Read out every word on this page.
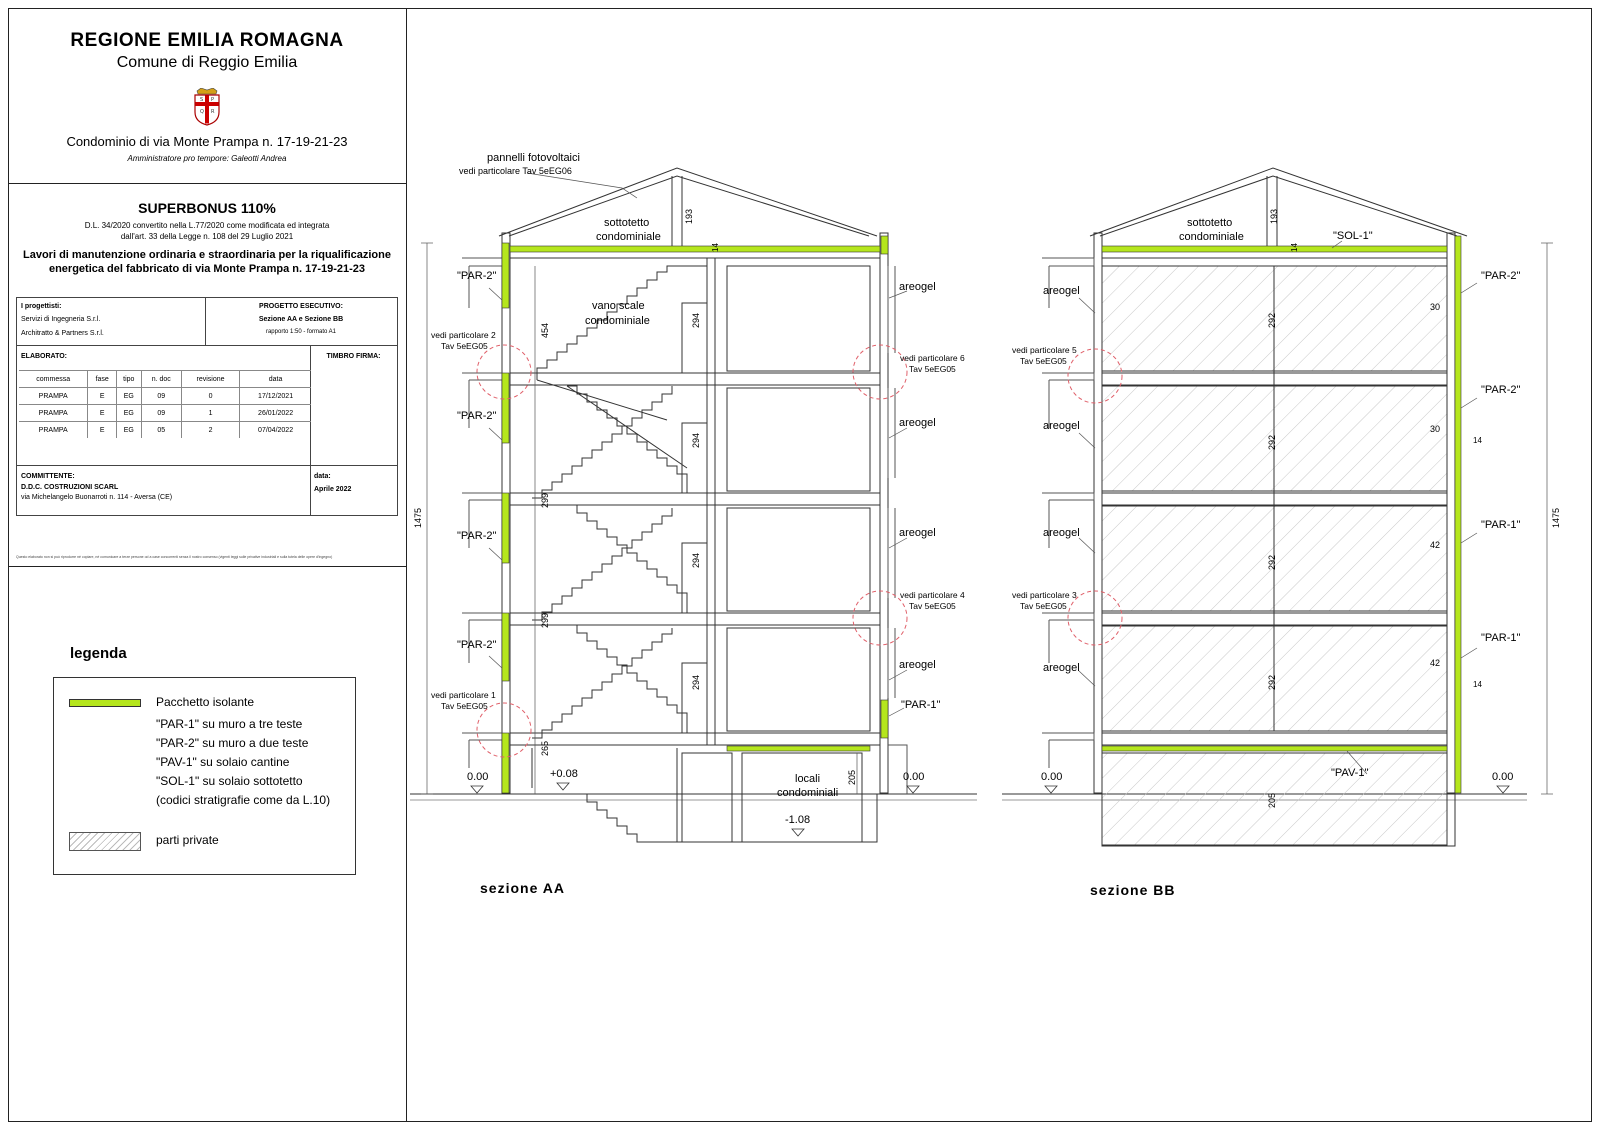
REGIONE EMILIA ROMAGNA
Comune di Reggio Emilia
S P
Q R
Condominio di via Monte Prampa n. 17-19-21-23
Amministratore pro tempore: Galeotti Andrea
SUPERBONUS 110%
D.L. 34/2020 convertito nella L.77/2020 come modificata ed integrata
dall'art. 33 della Legge n. 108 del 29 Luglio 2021
Lavori di manutenzione ordinaria e straordinaria per la riqualificazione
energetica del fabbricato di via Monte Prampa n. 17-19-21-23
I progettisti:
Servizi di Ingegneria S.r.l.
Architratto & Partners S.r.l.
PROGETTO ESECUTIVO:
Sezione AA e Sezione BB
rapporto 1:50 - formato A1
ELABORATO:	TIMBRO FIRMA:
commessa	fase	tipo	n. doc	revisione	data
PRAMPA	E	EG	09	0	17/12/2021
PRAMPA	E	EG	09	1	26/01/2022
PRAMPA	E	EG	05	2	07/04/2022
COMMITTENTE:
D.D.C. COSTRUZIONI SCARL
via Michelangelo Buonarroti n. 114 - Aversa (CE)
data:
Aprile 2022
Questo elaborato non si può riprodurre né copiare, né comunicare a terze persone od a case concorrenti senza il nostro consenso (vigenti leggi sulle privative industriali e sulla tutela delle opere d'ingegno)
legenda
Pacchetto isolante
"PAR-1" su muro a tre teste
"PAR-2" su muro a due teste
"PAV-1" su solaio cantine
"SOL-1" su solaio sottotetto
(codici stratigrafie come da L.10)
parti private
pannelli fotovoltaici
vedi particolare Tav 5eEG06
sottotetto
condominiale
vano scale
condominiale
locali
condominiali
"PAR-2"
"PAR-2"
"PAR-2"
"PAR-2"
"PAR-1"
areogel
areogel
areogel
areogel
vedi particolare 2
Tav 5eEG05
vedi particolare 1
Tav 5eEG05
vedi particolare 6
Tav 5eEG05
vedi particolare 4
Tav 5eEG05
0.00	+0.08
-1.08
0.00
1475
454
299
299
265
294
294
294
294
193
14
205
sottotetto
condominiale	"SOL-1"
"PAR-2"
"PAR-2"
"PAR-1"
"PAR-1"
"PAV-1"
areogel
areogel
areogel
areogel
vedi particolare 5
Tav 5eEG05
vedi particolare 3
Tav 5eEG05
0.00	0.00
30
30
42
42
14
14
1475
292
292
292
292
205
193
14
sezione AA	sezione BB
